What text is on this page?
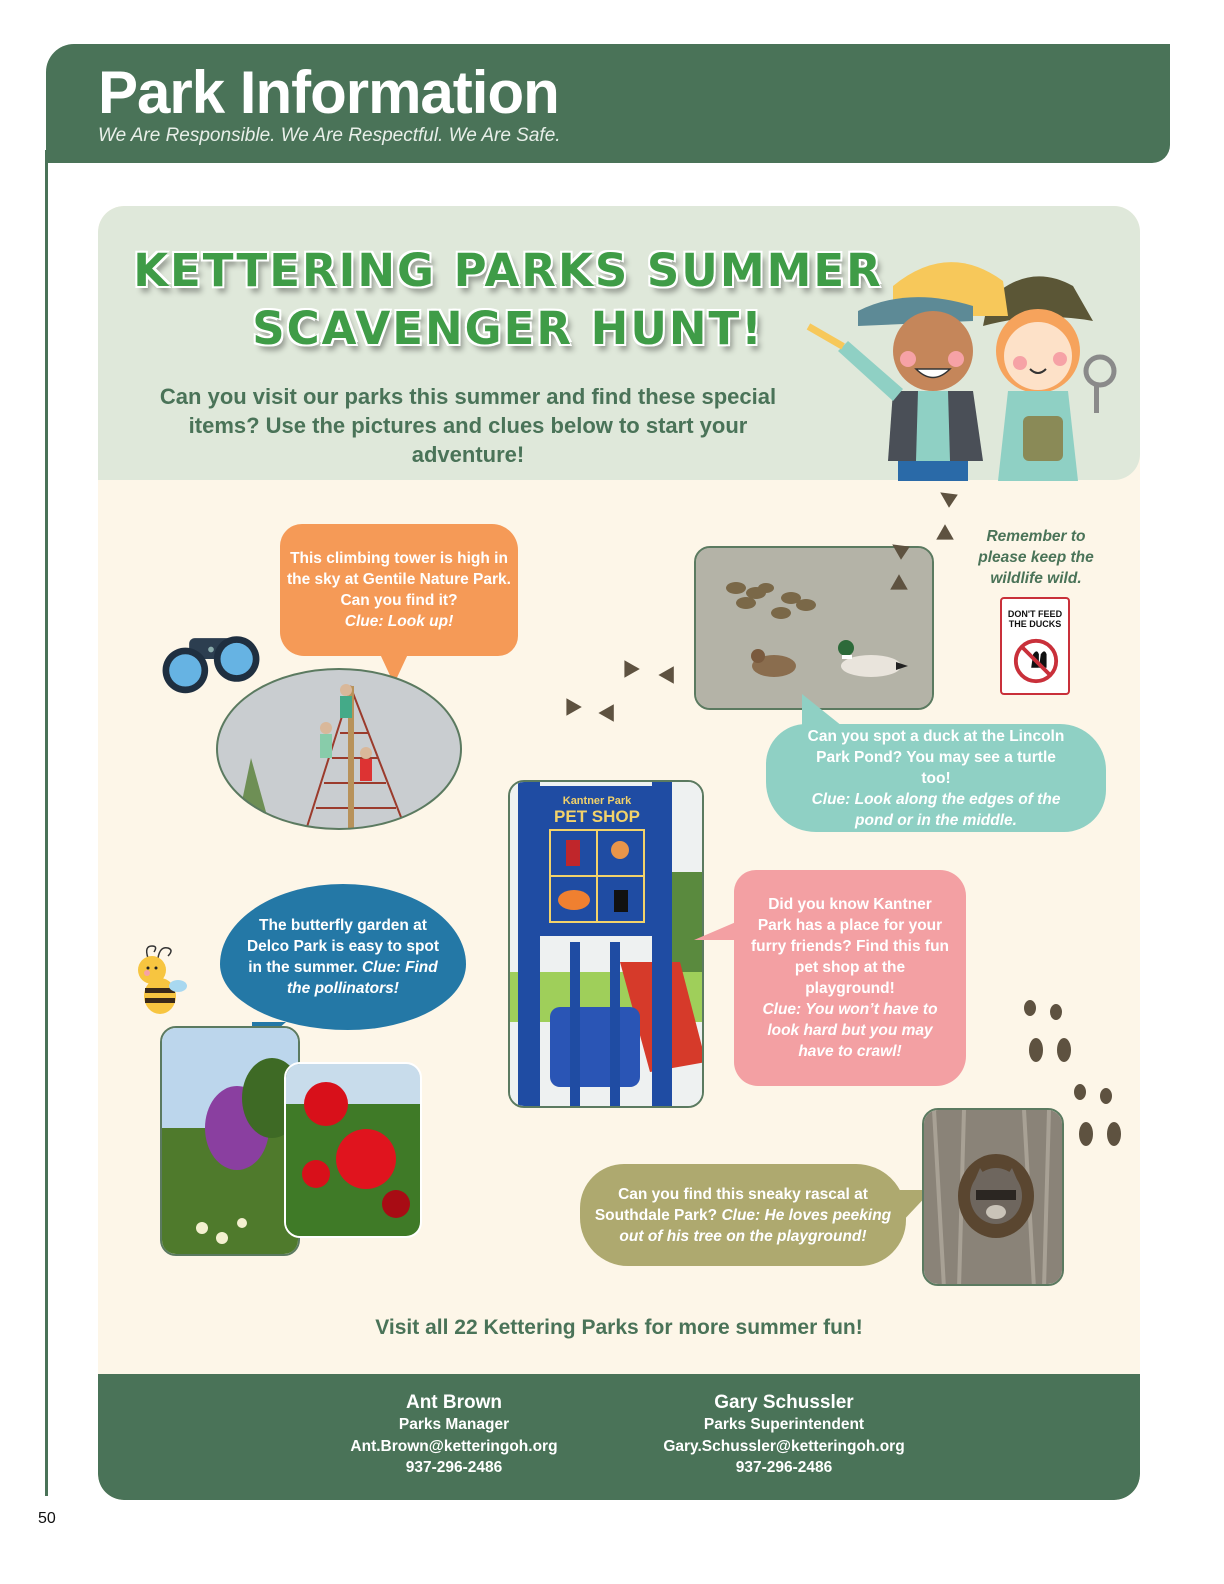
Park Information
We Are Responsible. We Are Respectful. We Are Safe.
KETTERING PARKS SUMMER
SCAVENGER HUNT!
Can you visit our parks this summer and find these special items? Use the pictures and clues below to start your adventure!
This climbing tower is high in the sky at Gentile Nature Park. Can you find it?
Clue: Look up!
Remember to please keep the wildlife wild.
DON'T FEED THE DUCKS
Can you spot a duck at the Lincoln Park Pond? You may see a turtle too!
Clue: Look along the edges of the pond or in the middle.
Kantner Park
PET SHOP
Did you know Kantner Park has a place for your furry friends? Find this fun pet shop at the playground!
Clue: You won’t have to look hard but you may have to crawl!
The butterfly garden at Delco Park is easy to spot in the summer. Clue: Find the pollinators!
Can you find this sneaky rascal at Southdale Park? Clue: He loves peeking out of his tree on the playground!
Visit all 22 Kettering Parks for more summer fun!
Ant Brown
Parks Manager
Ant.Brown@ketteringoh.org
937-296-2486
Gary Schussler
Parks Superintendent
Gary.Schussler@ketteringoh.org
937-296-2486
50
